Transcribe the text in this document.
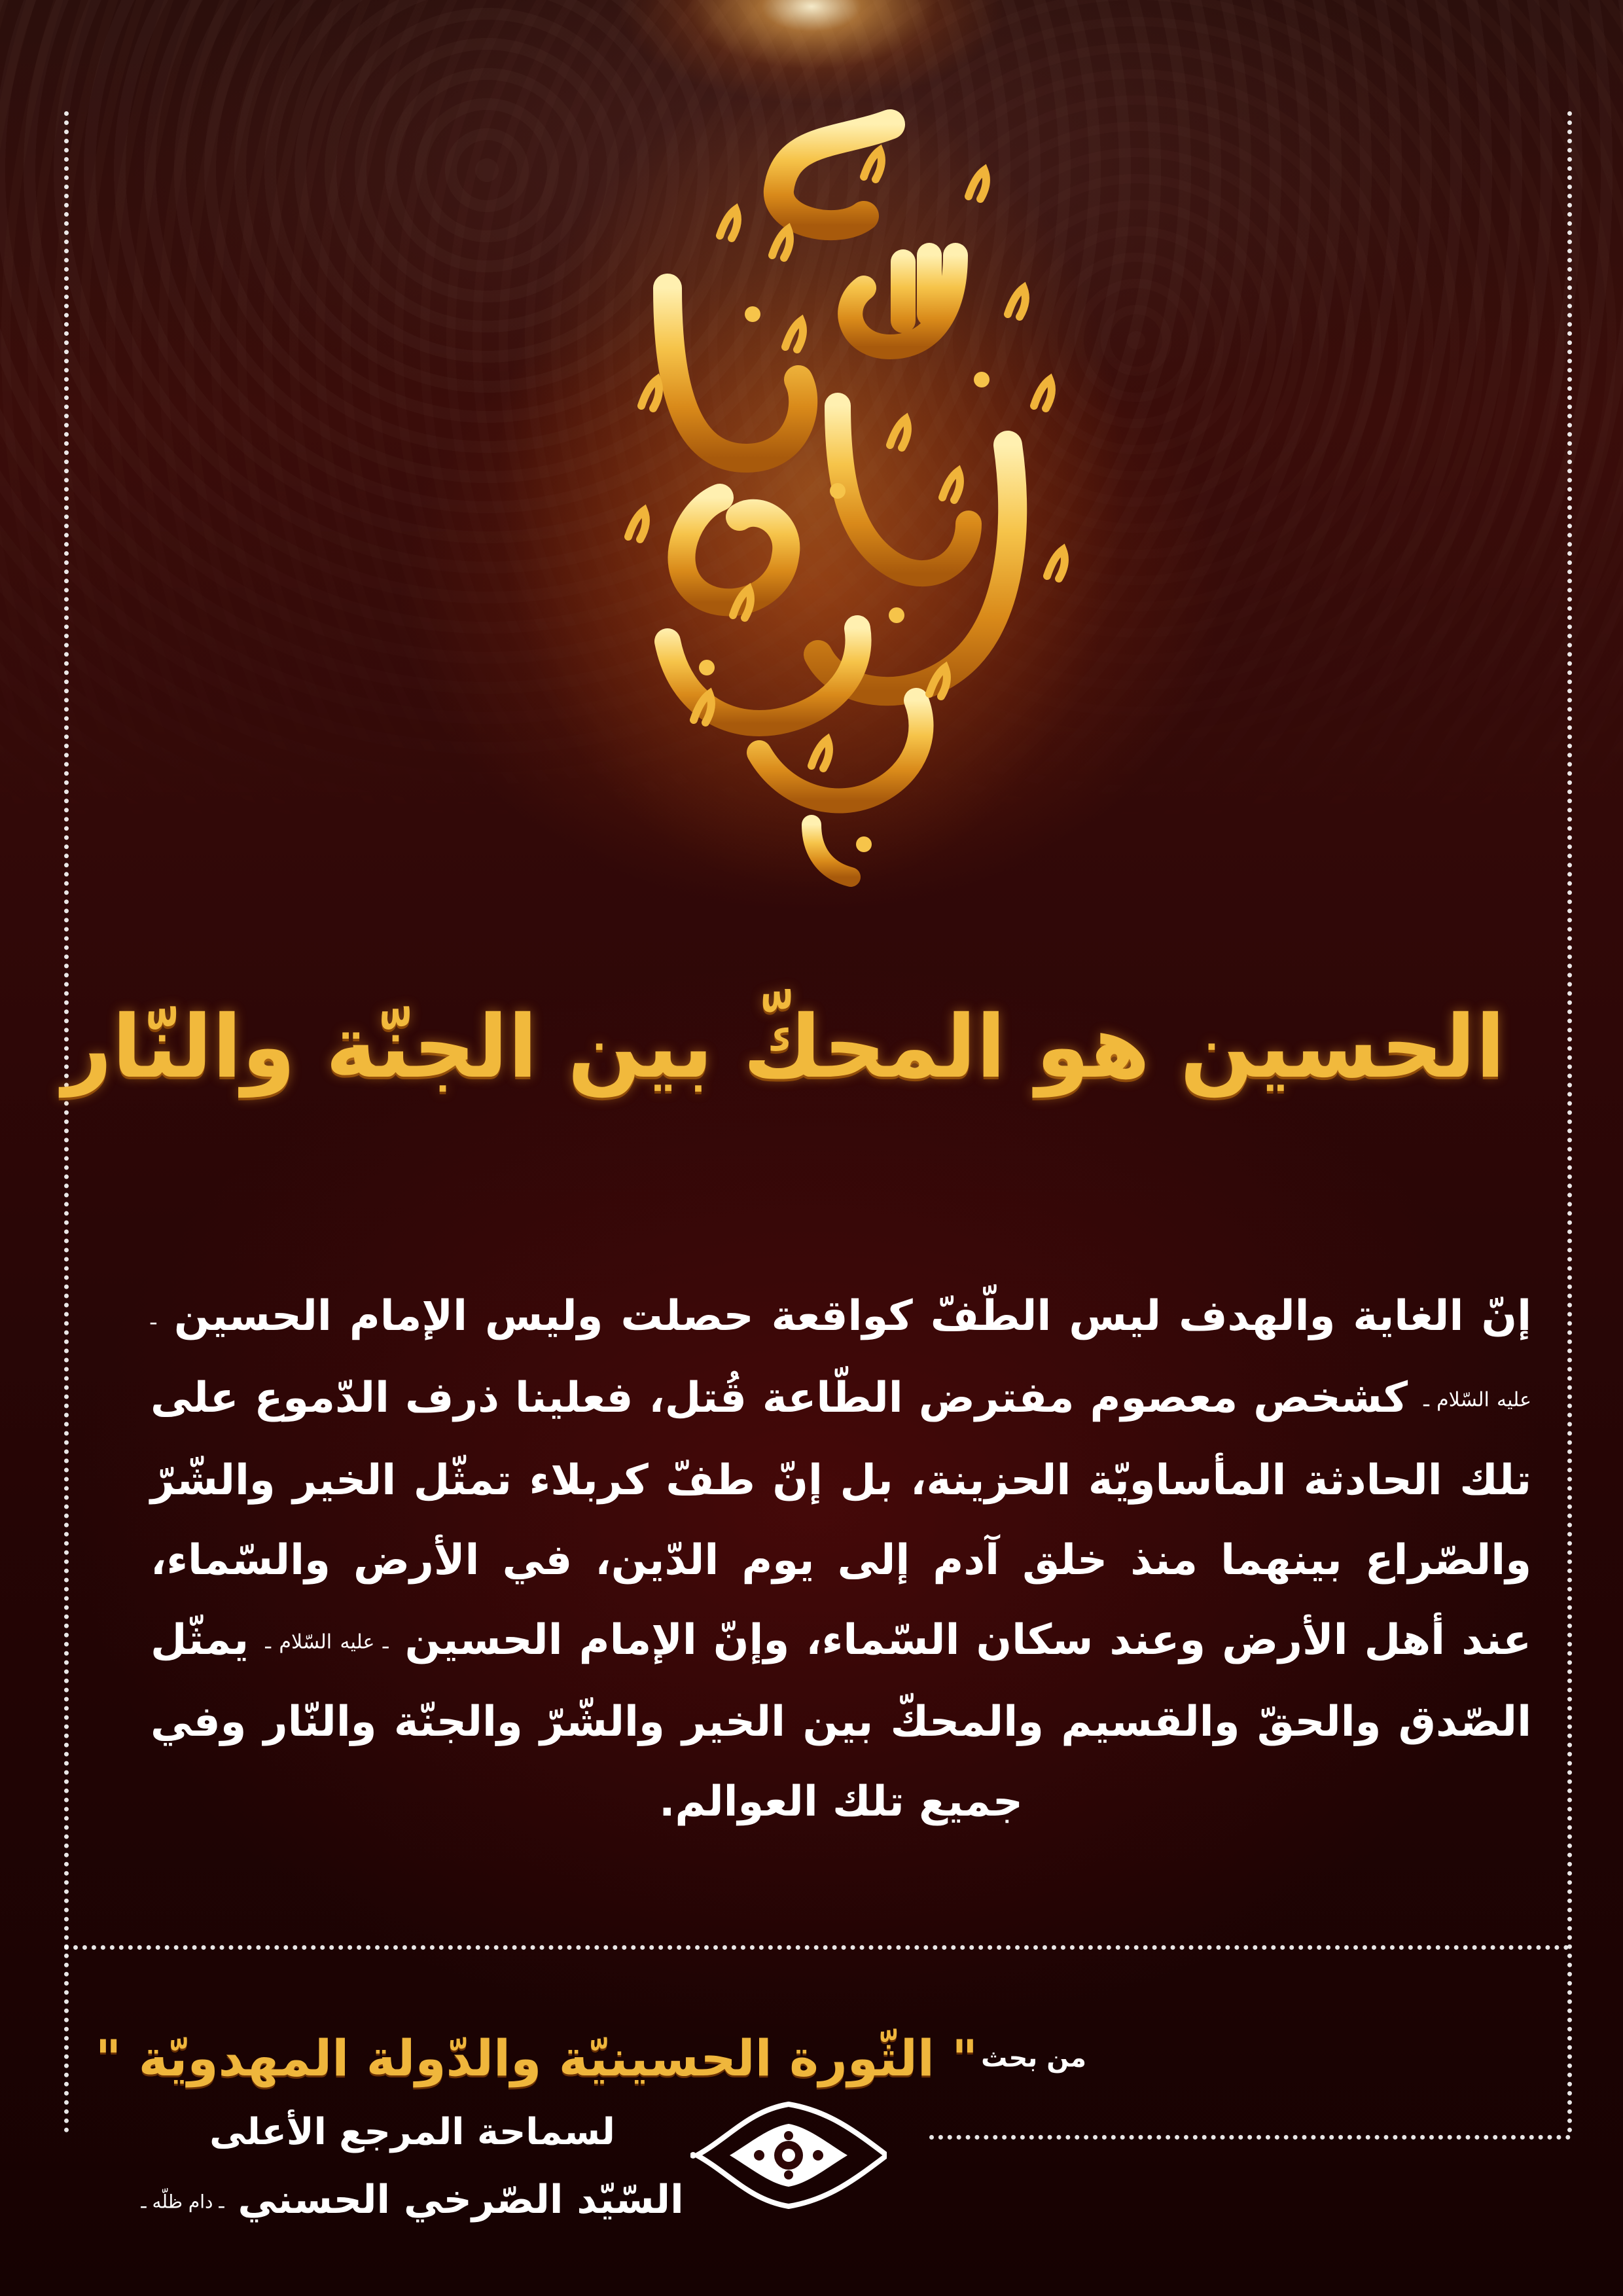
الحسين هو المحكّ بين الجنّة والنّار
إنّ الغاية والهدف ليس الطّفّ كواقعة حصلت وليس الإمام الحسين ـ عليه السّلام ـ كشخص معصوم مفترض الطّاعة قُتل، فعلينا ذرف الدّموع على تلك الحادثة المأساويّة الحزينة، بل إنّ طفّ كربلاء تمثّل الخير والشّرّ والصّراع بينهما منذ خلق آدم إلى يوم الدّين، في الأرض والسّماء، عند أهل الأرض وعند سكان السّماء، وإنّ الإمام الحسين ـ عليه السّلام ـ يمثّل الصّدق والحقّ والقسيم والمحكّ بين الخير والشّرّ والجنّة والنّار وفي جميع تلك العوالم.
من بحث " الثّورة الحسينيّة والدّولة المهدويّة "
لسماحة المرجع الأعلى
السّيّد الصّرخي الحسني ـ دام ظلّه ـ
